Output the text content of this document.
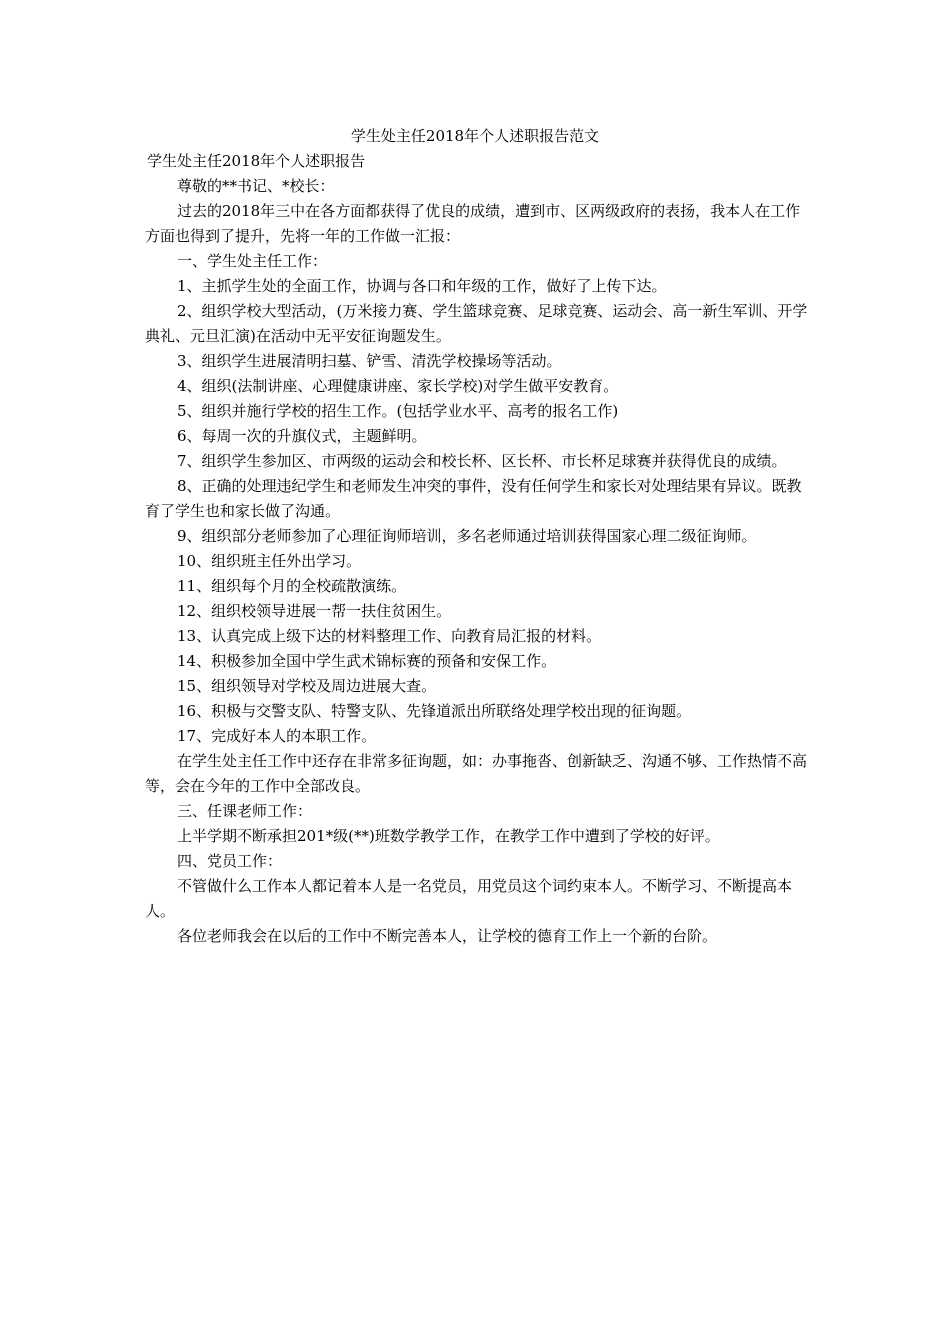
学生处主任2018年个人述职报告范文

学生处主任2018年个人述职报告

尊敬的**书记、*校长：

过去的2018年三中在各方面都获得了优良的成绩，遭到市、区两级政府的表扬，我本人在工作方面也得到了提升，先将一年的工作做一汇报：

一、学生处主任工作：

1、主抓学生处的全面工作，协调与各口和年级的工作，做好了上传下达。

2、组织学校大型活动，(万米接力赛、学生篮球竞赛、足球竞赛、运动会、高一新生军训、开学典礼、元旦汇演)在活动中无平安征询题发生。

3、组织学生进展清明扫墓、铲雪、清洗学校操场等活动。

4、组织(法制讲座、心理健康讲座、家长学校)对学生做平安教育。

5、组织并施行学校的招生工作。(包括学业水平、高考的报名工作)

6、每周一次的升旗仪式，主题鲜明。

7、组织学生参加区、市两级的运动会和校长杯、区长杯、市长杯足球赛并获得优良的成绩。

8、正确的处理违纪学生和老师发生冲突的事件，没有任何学生和家长对处理结果有异议。既教育了学生也和家长做了沟通。

9、组织部分老师参加了心理征询师培训，多名老师通过培训获得国家心理二级征询师。

10、组织班主任外出学习。

11、组织每个月的全校疏散演练。

12、组织校领导进展一帮一扶住贫困生。

13、认真完成上级下达的材料整理工作、向教育局汇报的材料。

14、积极参加全国中学生武术锦标赛的预备和安保工作。

15、组织领导对学校及周边进展大查。

16、积极与交警支队、特警支队、先锋道派出所联络处理学校出现的征询题。

17、完成好本人的本职工作。

在学生处主任工作中还存在非常多征询题，如：办事拖沓、创新缺乏、沟通不够、工作热情不高等，会在今年的工作中全部改良。

三、任课老师工作：

上半学期不断承担201*级(**)班数学教学工作，在教学工作中遭到了学校的好评。

四、党员工作：

不管做什么工作本人都记着本人是一名党员，用党员这个词约束本人。不断学习、不断提高本人。

各位老师我会在以后的工作中不断完善本人，让学校的德育工作上一个新的台阶。
